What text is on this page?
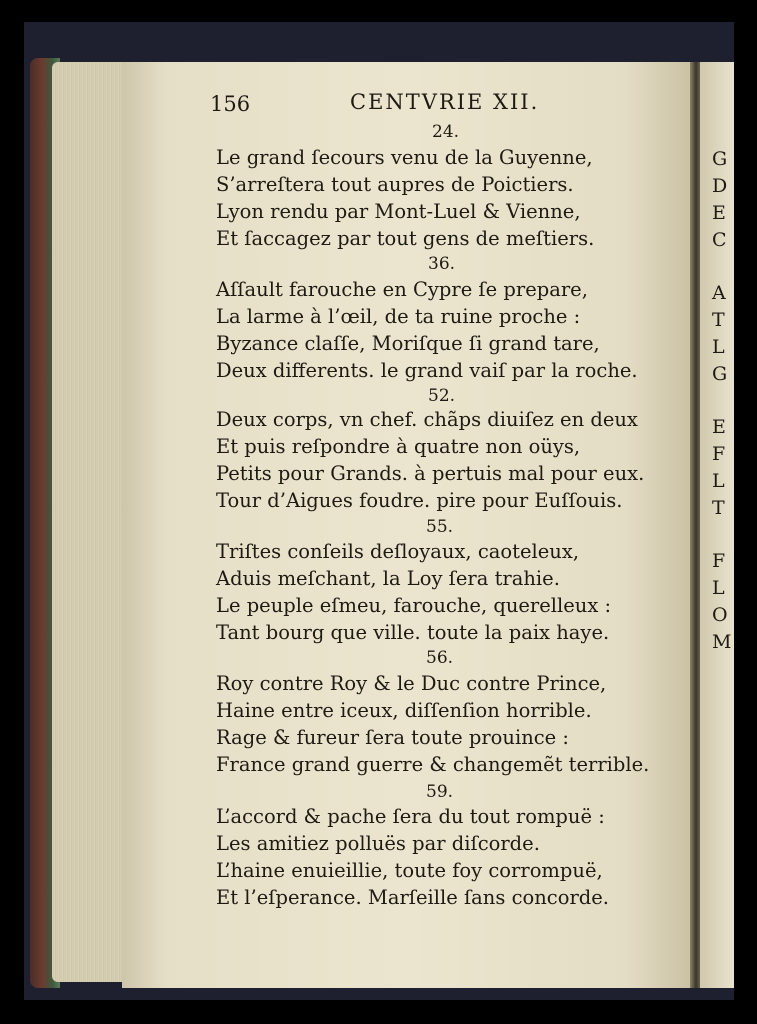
G
D
E
C
A
T
L
G
E
F
L
T
F
L
O
M
156	CENTVRIE XII.
24.
Le grand ſecours venu de la Guyenne,
S’arreſtera tout aupres de Poictiers.
Lyon rendu par Mont-Luel & Vienne,
Et ſaccagez par tout gens de meſtiers.
36.
Aſſault farouche en Cypre ſe prepare,
La larme à l’œil, de ta ruine proche :
Byzance claſſe, Moriſque ſi grand tare,
Deux differents. le grand vaiſ par la roche.
52.
Deux corps, vn chef. chãps diuiſez en deux
Et puis reſpondre à quatre non oüys,
Petits pour Grands. à pertuis mal pour eux.
Tour d’Aigues foudre. pire pour Euſſouis.
55.
Triſtes conſeils deſloyaux, caoteleux,
Aduis meſchant, la Loy ſera trahie.
Le peuple eſmeu, farouche, querelleux :
Tant bourg que ville. toute la paix haye.
56.
Roy contre Roy & le Duc contre Prince,
Haine entre iceux, diſſenſion horrible.
Rage & fureur ſera toute prouince :
France grand guerre & changemẽt terrible.
59.
L’accord & pache ſera du tout rompuë :
Les amitiez polluës par diſcorde.
L’haine enuieillie, toute foy corrompuë,
Et l’eſperance. Marſeille ſans concorde.
